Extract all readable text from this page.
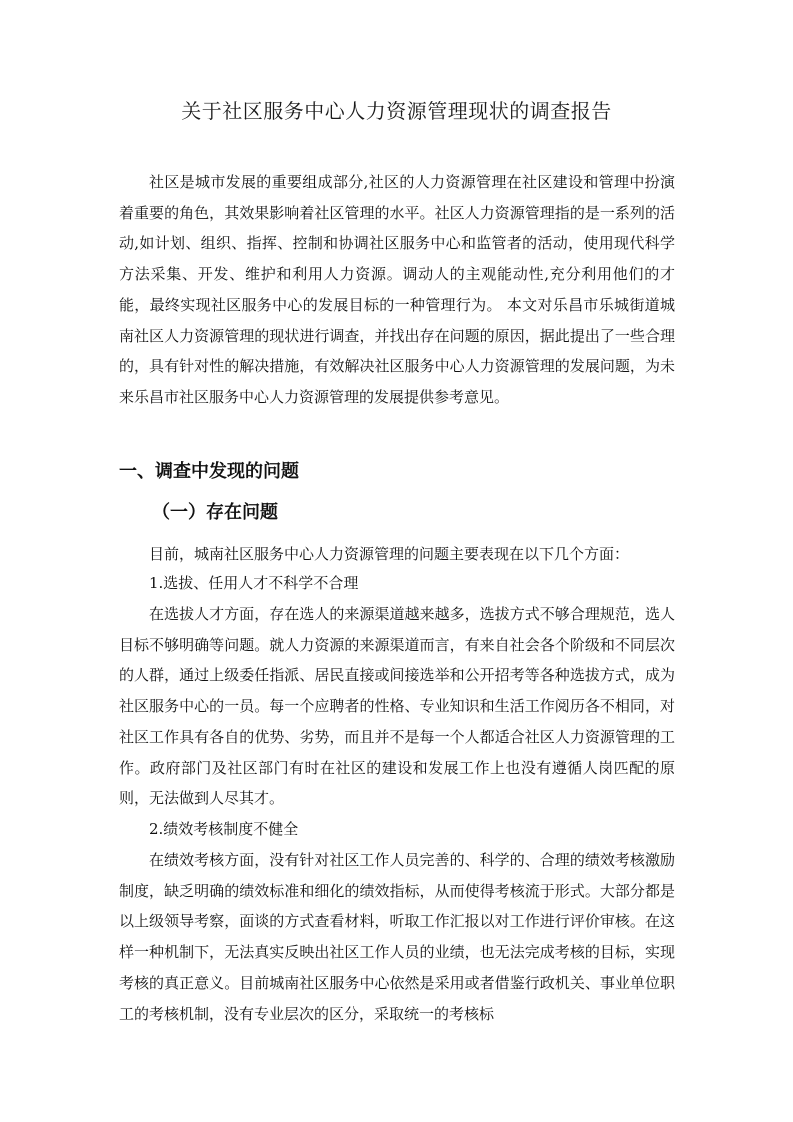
关于社区服务中心人力资源管理现状的调查报告

社区是城市发展的重要组成部分,社区的人力资源管理在社区建设和管理中扮演着重要的角色，其效果影响着社区管理的水平。社区人力资源管理指的是一系列的活动,如计划、组织、指挥、控制和协调社区服务中心和监管者的活动，使用现代科学方法采集、开发、维护和利用人力资源。调动人的主观能动性,充分利用他们的才能，最终实现社区服务中心的发展目标的一种管理行为。 本文对乐昌市乐城街道城南社区人力资源管理的现状进行调查，并找出存在问题的原因，据此提出了一些合理的，具有针对性的解决措施，有效解决社区服务中心人力资源管理的发展问题，为未来乐昌市社区服务中心人力资源管理的发展提供参考意见。

一、调查中发现的问题
（一）存在问题

目前，城南社区服务中心人力资源管理的问题主要表现在以下几个方面：

1.选拔、任用人才不科学不合理

在选拔人才方面，存在选人的来源渠道越来越多，选拔方式不够合理规范，选人目标不够明确等问题。就人力资源的来源渠道而言，有来自社会各个阶级和不同层次的人群，通过上级委任指派、居民直接或间接选举和公开招考等各种选拔方式，成为社区服务中心的一员。每一个应聘者的性格、专业知识和生活工作阅历各不相同，对社区工作具有各自的优势、劣势，而且并不是每一个人都适合社区人力资源管理的工作。政府部门及社区部门有时在社区的建设和发展工作上也没有遵循人岗匹配的原则，无法做到人尽其才。

2.绩效考核制度不健全

在绩效考核方面，没有针对社区工作人员完善的、科学的、合理的绩效考核激励制度，缺乏明确的绩效标准和细化的绩效指标，从而使得考核流于形式。大部分都是以上级领导考察，面谈的方式查看材料，听取工作汇报以对工作进行评价审核。在这样一种机制下，无法真实反映出社区工作人员的业绩，也无法完成考核的目标，实现考核的真正意义。目前城南社区服务中心依然是采用或者借鉴行政机关、事业单位职工的考核机制，没有专业层次的区分，采取统一的考核标
